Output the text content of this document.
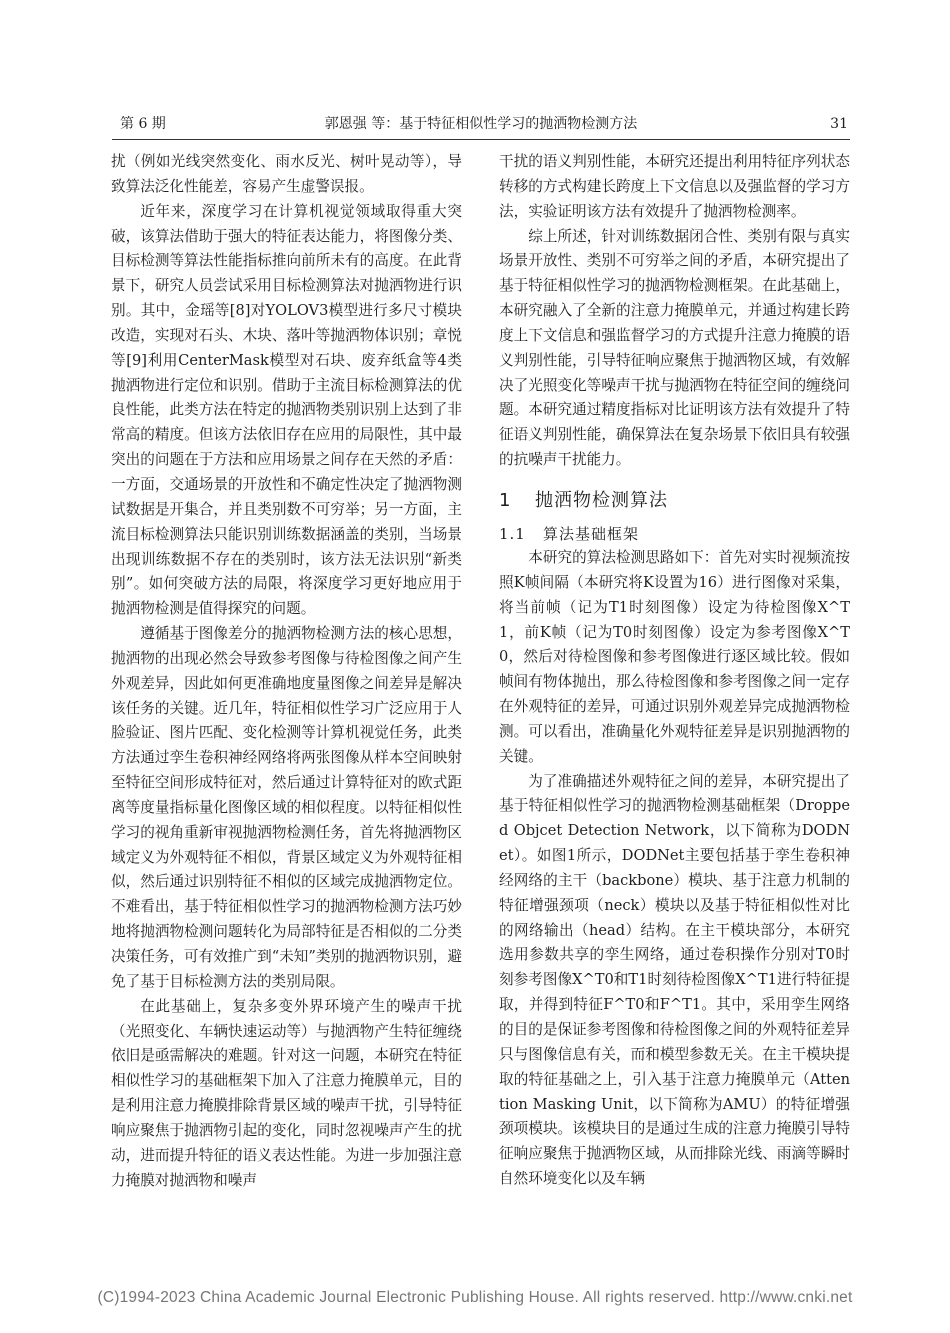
第 6 期	郭恩强 等：基于特征相似性学习的抛洒物检测方法	31

扰（例如光线突然变化、雨水反光、树叶晃动等），导致算法泛化性能差，容易产生虚警误报。

近年来，深度学习在计算机视觉领域取得重大突破，该算法借助于强大的特征表达能力，将图像分类、目标检测等算法性能指标推向前所未有的高度。在此背景下，研究人员尝试采用目标检测算法对抛洒物进行识别。其中，金瑶等[8]对YOLOV3模型进行多尺寸模块改造，实现对石头、木块、落叶等抛洒物体识别；章悦等[9]利用CenterMask模型对石块、废弃纸盒等4类抛洒物进行定位和识别。借助于主流目标检测算法的优良性能，此类方法在特定的抛洒物类别识别上达到了非常高的精度。但该方法依旧存在应用的局限性，其中最突出的问题在于方法和应用场景之间存在天然的矛盾：一方面，交通场景的开放性和不确定性决定了抛洒物测试数据是开集合，并且类别数不可穷举；另一方面，主流目标检测算法只能识别训练数据涵盖的类别，当场景出现训练数据不存在的类别时，该方法无法识别“新类别”。如何突破方法的局限，将深度学习更好地应用于抛洒物检测是值得探究的问题。

遵循基于图像差分的抛洒物检测方法的核心思想，抛洒物的出现必然会导致参考图像与待检图像之间产生外观差异，因此如何更准确地度量图像之间差异是解决该任务的关键。近几年，特征相似性学习广泛应用于人脸验证、图片匹配、变化检测等计算机视觉任务，此类方法通过孪生卷积神经网络将两张图像从样本空间映射至特征空间形成特征对，然后通过计算特征对的欧式距离等度量指标量化图像区域的相似程度。以特征相似性学习的视角重新审视抛洒物检测任务，首先将抛洒物区域定义为外观特征不相似，背景区域定义为外观特征相似，然后通过识别特征不相似的区域完成抛洒物定位。不难看出，基于特征相似性学习的抛洒物检测方法巧妙地将抛洒物检测问题转化为局部特征是否相似的二分类决策任务，可有效推广到“未知”类别的抛洒物识别，避免了基于目标检测方法的类别局限。

在此基础上，复杂多变外界环境产生的噪声干扰（光照变化、车辆快速运动等）与抛洒物产生特征缠绕依旧是亟需解决的难题。针对这一问题，本研究在特征相似性学习的基础框架下加入了注意力掩膜单元，目的是利用注意力掩膜排除背景区域的噪声干扰，引导特征响应聚焦于抛洒物引起的变化，同时忽视噪声产生的扰动，进而提升特征的语义表达性能。为进一步加强注意力掩膜对抛洒物和噪声

干扰的语义判别性能，本研究还提出利用特征序列状态转移的方式构建长跨度上下文信息以及强监督的学习方法，实验证明该方法有效提升了抛洒物检测率。

综上所述，针对训练数据闭合性、类别有限与真实场景开放性、类别不可穷举之间的矛盾，本研究提出了基于特征相似性学习的抛洒物检测框架。在此基础上，本研究融入了全新的注意力掩膜单元，并通过构建长跨度上下文信息和强监督学习的方式提升注意力掩膜的语义判别性能，引导特征响应聚焦于抛洒物区域，有效解决了光照变化等噪声干扰与抛洒物在特征空间的缠绕问题。本研究通过精度指标对比证明该方法有效提升了特征语义判别性能，确保算法在复杂场景下依旧具有较强的抗噪声干扰能力。

1 抛洒物检测算法
1.1 算法基础框架

本研究的算法检测思路如下：首先对实时视频流按照K帧间隔（本研究将K设置为16）进行图像对采集，将当前帧（记为T1时刻图像）设定为待检图像X^T1，前K帧（记为T0时刻图像）设定为参考图像X^T0，然后对待检图像和参考图像进行逐区域比较。假如帧间有物体抛出，那么待检图像和参考图像之间一定存在外观特征的差异，可通过识别外观差异完成抛洒物检测。可以看出，准确量化外观特征差异是识别抛洒物的关键。

为了准确描述外观特征之间的差异，本研究提出了基于特征相似性学习的抛洒物检测基础框架（Dropped Objcet Detection Network，以下简称为DODNet）。如图1所示，DODNet主要包括基于孪生卷积神经网络的主干（backbone）模块、基于注意力机制的特征增强颈项（neck）模块以及基于特征相似性对比的网络输出（head）结构。在主干模块部分，本研究选用参数共享的孪生网络，通过卷积操作分别对T0时刻参考图像X^T0和T1时刻待检图像X^T1进行特征提取，并得到特征F^T0和F^T1。其中，采用孪生网络的目的是保证参考图像和待检图像之间的外观特征差异只与图像信息有关，而和模型参数无关。在主干模块提取的特征基础之上，引入基于注意力掩膜单元（Attention Masking Unit，以下简称为AMU）的特征增强颈项模块。该模块目的是通过生成的注意力掩膜引导特征响应聚焦于抛洒物区域，从而排除光线、雨滴等瞬时自然环境变化以及车辆

(C)1994-2023 China Academic Journal Electronic Publishing House. All rights reserved. http://www.cnki.net
